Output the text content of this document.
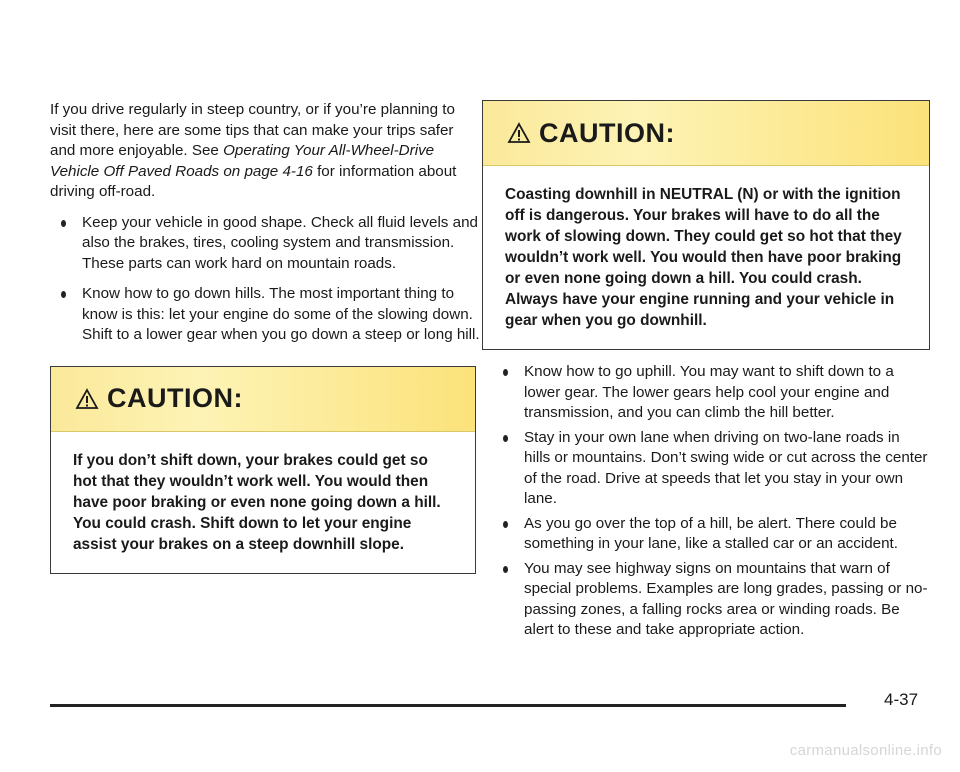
If you drive regularly in steep country, or if you’re planning to visit there, here are some tips that can make your trips safer and more enjoyable. See Operating Your All-Wheel-Drive Vehicle Off Paved Roads on page 4-16 for information about driving off-road.

Keep your vehicle in good shape. Check all fluid levels and also the brakes, tires, cooling system and transmission. These parts can work hard on mountain roads.
Know how to go down hills. The most important thing to know is this: let your engine do some of the slowing down. Shift to a lower gear when you go down a steep or long hill.
CAUTION:
If you don’t shift down, your brakes could get so hot that they wouldn’t work well. You would then have poor braking or even none going down a hill. You could crash. Shift down to let your engine assist your brakes on a steep downhill slope.
CAUTION:
Coasting downhill in NEUTRAL (N) or with the ignition off is dangerous. Your brakes will have to do all the work of slowing down. They could get so hot that they wouldn’t work well. You would then have poor braking or even none going down a hill. You could crash. Always have your engine running and your vehicle in gear when you go downhill.
Know how to go uphill. You may want to shift down to a lower gear. The lower gears help cool your engine and transmission, and you can climb the hill better.
Stay in your own lane when driving on two-lane roads in hills or mountains. Don’t swing wide or cut across the center of the road. Drive at speeds that let you stay in your own lane.
As you go over the top of a hill, be alert. There could be something in your lane, like a stalled car or an accident.
You may see highway signs on mountains that warn of special problems. Examples are long grades, passing or no-passing zones, a falling rocks area or winding roads. Be alert to these and take appropriate action.
4-37
carmanualsonline.info
